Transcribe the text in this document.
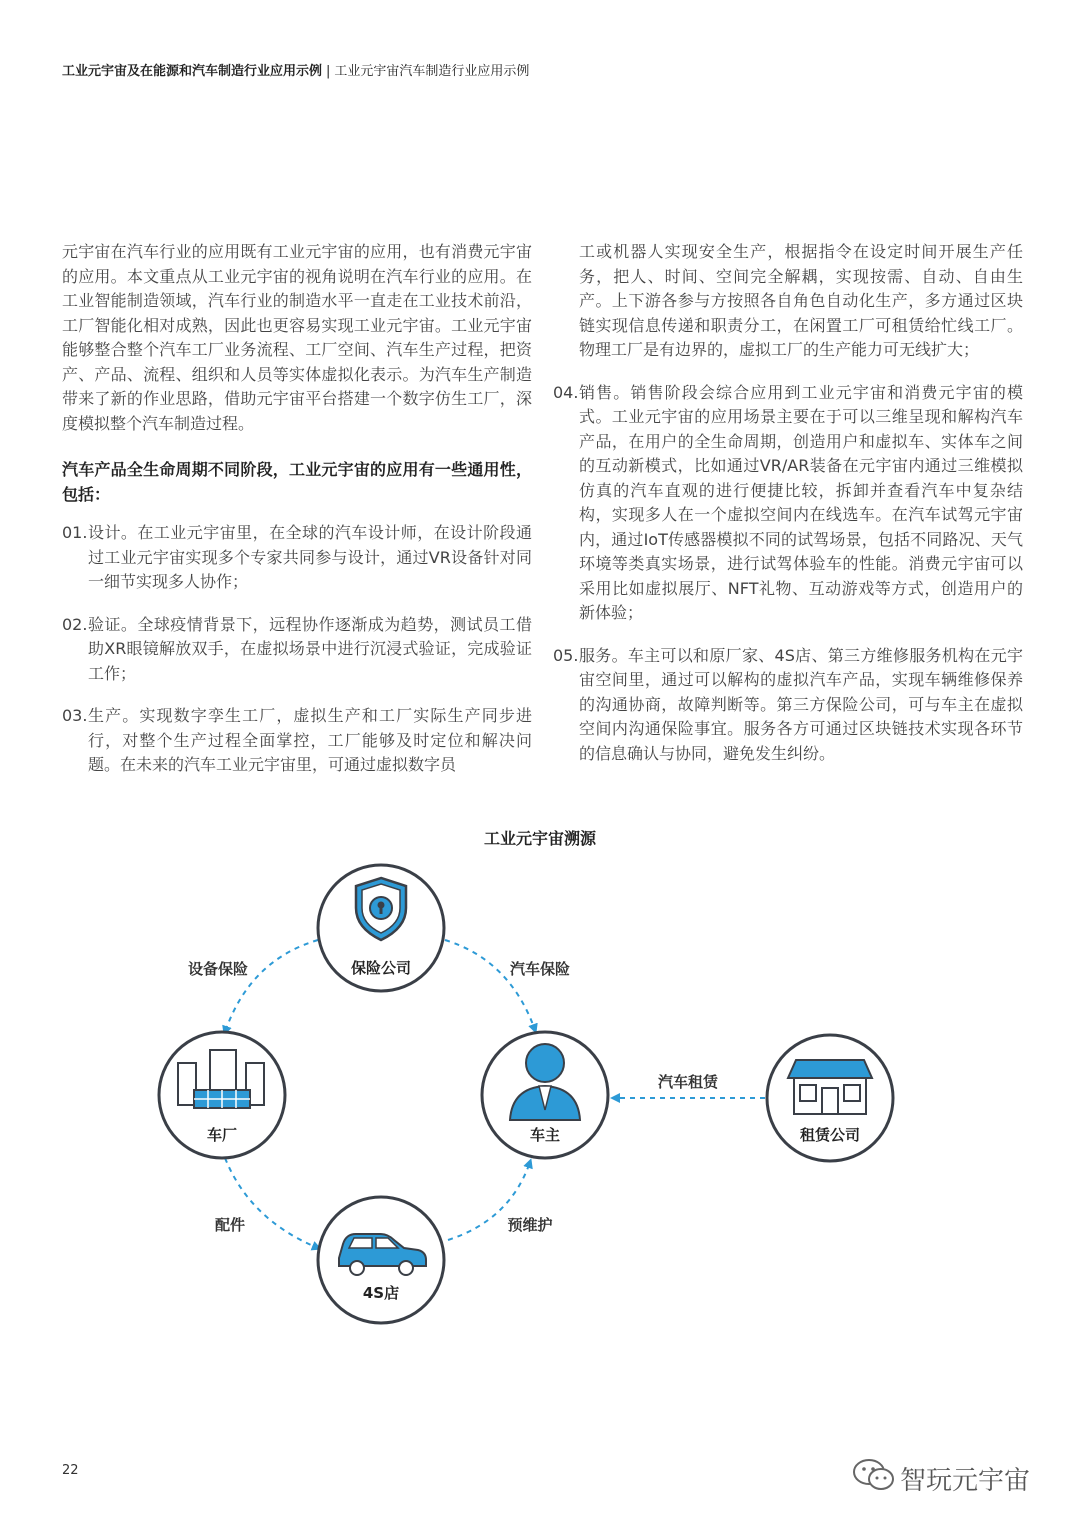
工业元宇宙及在能源和汽车制造行业应用示例 | 工业元宇宙汽车制造行业应用示例

元宇宙在汽车行业的应用既有工业元宇宙的应用，也有消费元宇宙的应用。本文重点从工业元宇宙的视角说明在汽车行业的应用。在工业智能制造领域，汽车行业的制造水平一直走在工业技术前沿，工厂智能化相对成熟，因此也更容易实现工业元宇宙。工业元宇宙能够整合整个汽车工厂业务流程、工厂空间、汽车生产过程，把资产、产品、流程、组织和人员等实体虚拟化表示。为汽车生产制造带来了新的作业思路，借助元宇宙平台搭建一个数字仿生工厂，深度模拟整个汽车制造过程。

汽车产品全生命周期不同阶段，工业元宇宙的应用有一些通用性，包括：

01. 设计。在工业元宇宙里，在全球的汽车设计师，在设计阶段通过工业元宇宙实现多个专家共同参与设计，通过VR设备针对同一细节实现多人协作；
02. 验证。全球疫情背景下，远程协作逐渐成为趋势，测试员工借助XR眼镜解放双手，在虚拟场景中进行沉浸式验证，完成验证工作；
03. 生产。实现数字孪生工厂，虚拟生产和工厂实际生产同步进行，对整个生产过程全面掌控，工厂能够及时定位和解决问题。在未来的汽车工业元宇宙里，可通过虚拟数字员

工或机器人实现安全生产，根据指令在设定时间开展生产任务，把人、时间、空间完全解耦，实现按需、自动、自由生产。上下游各参与方按照各自角色自动化生产，多方通过区块链实现信息传递和职责分工，在闲置工厂可租赁给忙线工厂。物理工厂是有边界的，虚拟工厂的生产能力可无线扩大；

04. 销售。销售阶段会综合应用到工业元宇宙和消费元宇宙的模式。工业元宇宙的应用场景主要在于可以三维呈现和解构汽车产品，在用户的全生命周期，创造用户和虚拟车、实体车之间的互动新模式，比如通过VR/AR装备在元宇宙内通过三维模拟仿真的汽车直观的进行便捷比较，拆卸并查看汽车中复杂结构，实现多人在一个虚拟空间内在线选车。在汽车试驾元宇宙内，通过IoT传感器模拟不同的试驾场景，包括不同路况、天气环境等类真实场景，进行试驾体验车的性能。消费元宇宙可以采用比如虚拟展厅、NFT礼物、互动游戏等方式，创造用户的新体验；
05. 服务。车主可以和原厂家、4S店、第三方维修服务机构在元宇宙空间里，通过可以解构的虚拟汽车产品，实现车辆维修保养的沟通协商，故障判断等。第三方保险公司，可与车主在虚拟空间内沟通保险事宜。服务各方可通过区块链技术实现各环节的信息确认与协同，避免发生纠纷。
工业元宇宙溯源
设备保险	汽车保险
配件	预维护
汽车租赁
保险公司
车厂	车主
4S店
租赁公司
22	智玩元宇宙
